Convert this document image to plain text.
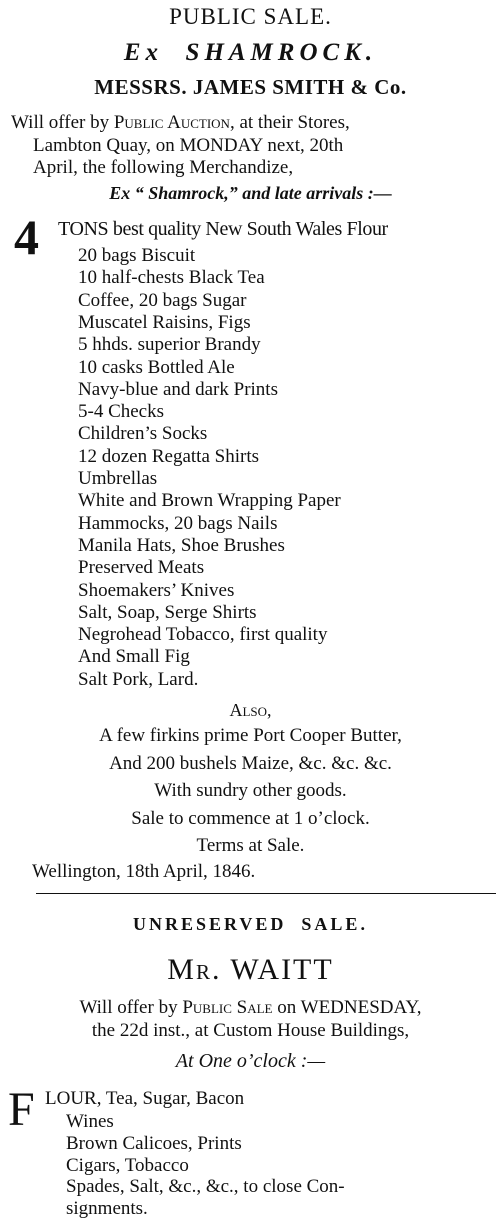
PUBLIC SALE.
Ex  SHAMROCK.
MESSRS. JAMES SMITH & Co.
Will offer by Public Auction, at their Stores,
Lambton Quay, on MONDAY next, 20th
April, the following Merchandize,
Ex “ Shamrock,” and late arrivals :—
4 TONS best quality New South Wales Flour
20 bags Biscuit
10 half-chests Black Tea
Coffee, 20 bags Sugar
Muscatel Raisins, Figs
5 hhds. superior Brandy
10 casks Bottled Ale
Navy-blue and dark Prints
5-4 Checks
Children’s Socks
12 dozen Regatta Shirts
Umbrellas
White and Brown Wrapping Paper
Hammocks, 20 bags Nails
Manila Hats, Shoe Brushes
Preserved Meats
Shoemakers’ Knives
Salt, Soap, Serge Shirts
Negrohead Tobacco, first quality
And Small Fig
Salt Pork, Lard.
Also,
A few firkins prime Port Cooper Butter,
And 200 bushels Maize, &c. &c. &c.
With sundry other goods.
Sale to commence at 1 o’clock.
Terms at Sale.
Wellington, 18th April, 1846.
UNRESERVED  SALE.
Mr. WAITT
Will offer by Public Sale on WEDNESDAY,
the 22d inst., at Custom House Buildings,
At One o’clock :—
F LOUR, Tea, Sugar, Bacon
Wines
Brown Calicoes, Prints
Cigars, Tobacco
Spades, Salt, &c., &c., to close Con-
signments.
